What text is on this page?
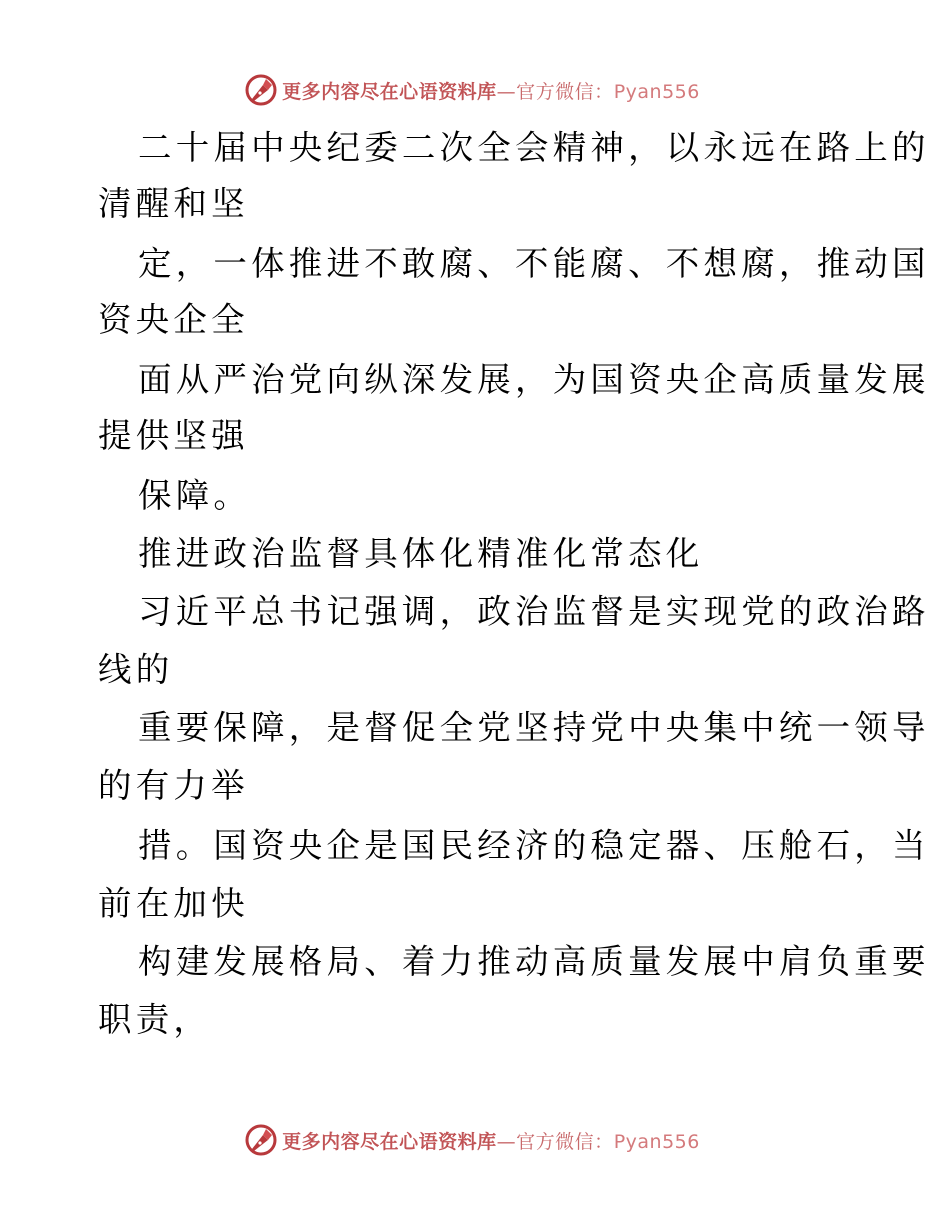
更多内容尽在心语资料库—官方微信：Pyan556
二十届中央纪委二次全会精神，以永远在路上的
清醒和坚
定，一体推进不敢腐、不能腐、不想腐，推动国
资央企全
面从严治党向纵深发展，为国资央企高质量发展
提供坚强
保障。
推进政治监督具体化精准化常态化
习近平总书记强调，政治监督是实现党的政治路
线的
重要保障，是督促全党坚持党中央集中统一领导
的有力举
措。国资央企是国民经济的稳定器、压舱石，当
前在加快
构建发展格局、着力推动高质量发展中肩负重要
职责，
更多内容尽在心语资料库—官方微信：Pyan556
